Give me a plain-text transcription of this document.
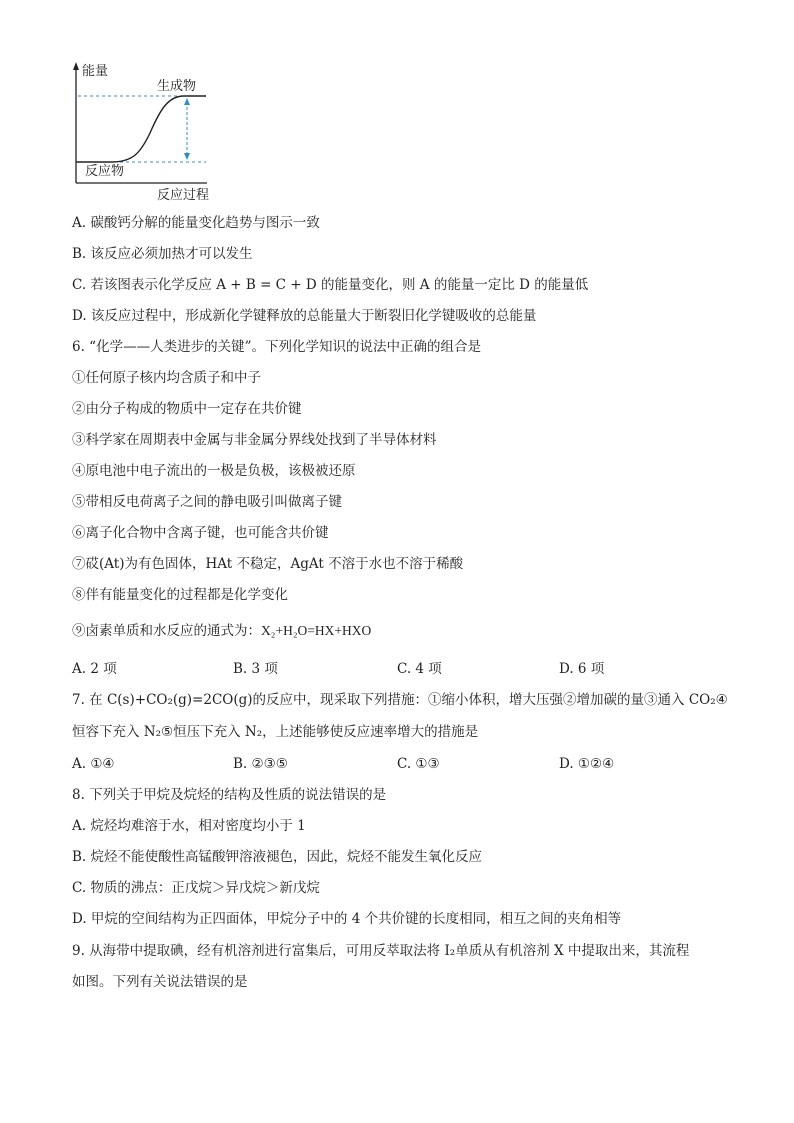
能量
生成物
反应物
反应过程
A. 碳酸钙分解的能量变化趋势与图示一致
B. 该反应必须加热才可以发生
C. 若该图表示化学反应 A + B = C + D 的能量变化，则 A 的能量一定比 D 的能量低
D. 该反应过程中，形成新化学键释放的总能量大于断裂旧化学键吸收的总能量
6. “化学——人类进步的关键”。下列化学知识的说法中正确的组合是
①任何原子核内均含质子和中子
②由分子构成的物质中一定存在共价键
③科学家在周期表中金属与非金属分界线处找到了半导体材料
④原电池中电子流出的一极是负极，该极被还原
⑤带相反电荷离子之间的静电吸引叫做离子键
⑥离子化合物中含离子键，也可能含共价键
⑦砹(At)为有色固体，HAt 不稳定，AgAt 不溶于水也不溶于稀酸
⑧伴有能量变化的过程都是化学变化
⑨卤素单质和水反应的通式为：X₂+H₂O=HX+HXO
A. 2 项	B. 3 项	C. 4 项	D. 6 项
7. 在 C(s)+CO₂(g)=2CO(g)的反应中，现采取下列措施：①缩小体积，增大压强②增加碳的量③通入 CO₂④
恒容下充入 N₂⑤恒压下充入 N₂，上述能够使反应速率增大的措施是
A. ①④	B. ②③⑤	C. ①③	D. ①②④
8. 下列关于甲烷及烷烃的结构及性质的说法错误的是
A. 烷烃均难溶于水，相对密度均小于 1
B. 烷烃不能使酸性高锰酸钾溶液褪色，因此，烷烃不能发生氧化反应
C. 物质的沸点：正戊烷＞异戊烷＞新戊烷
D. 甲烷的空间结构为正四面体，甲烷分子中的 4 个共价键的长度相同，相互之间的夹角相等
9. 从海带中提取碘，经有机溶剂进行富集后，可用反萃取法将 I₂单质从有机溶剂 X 中提取出来，其流程
如图。下列有关说法错误的是
